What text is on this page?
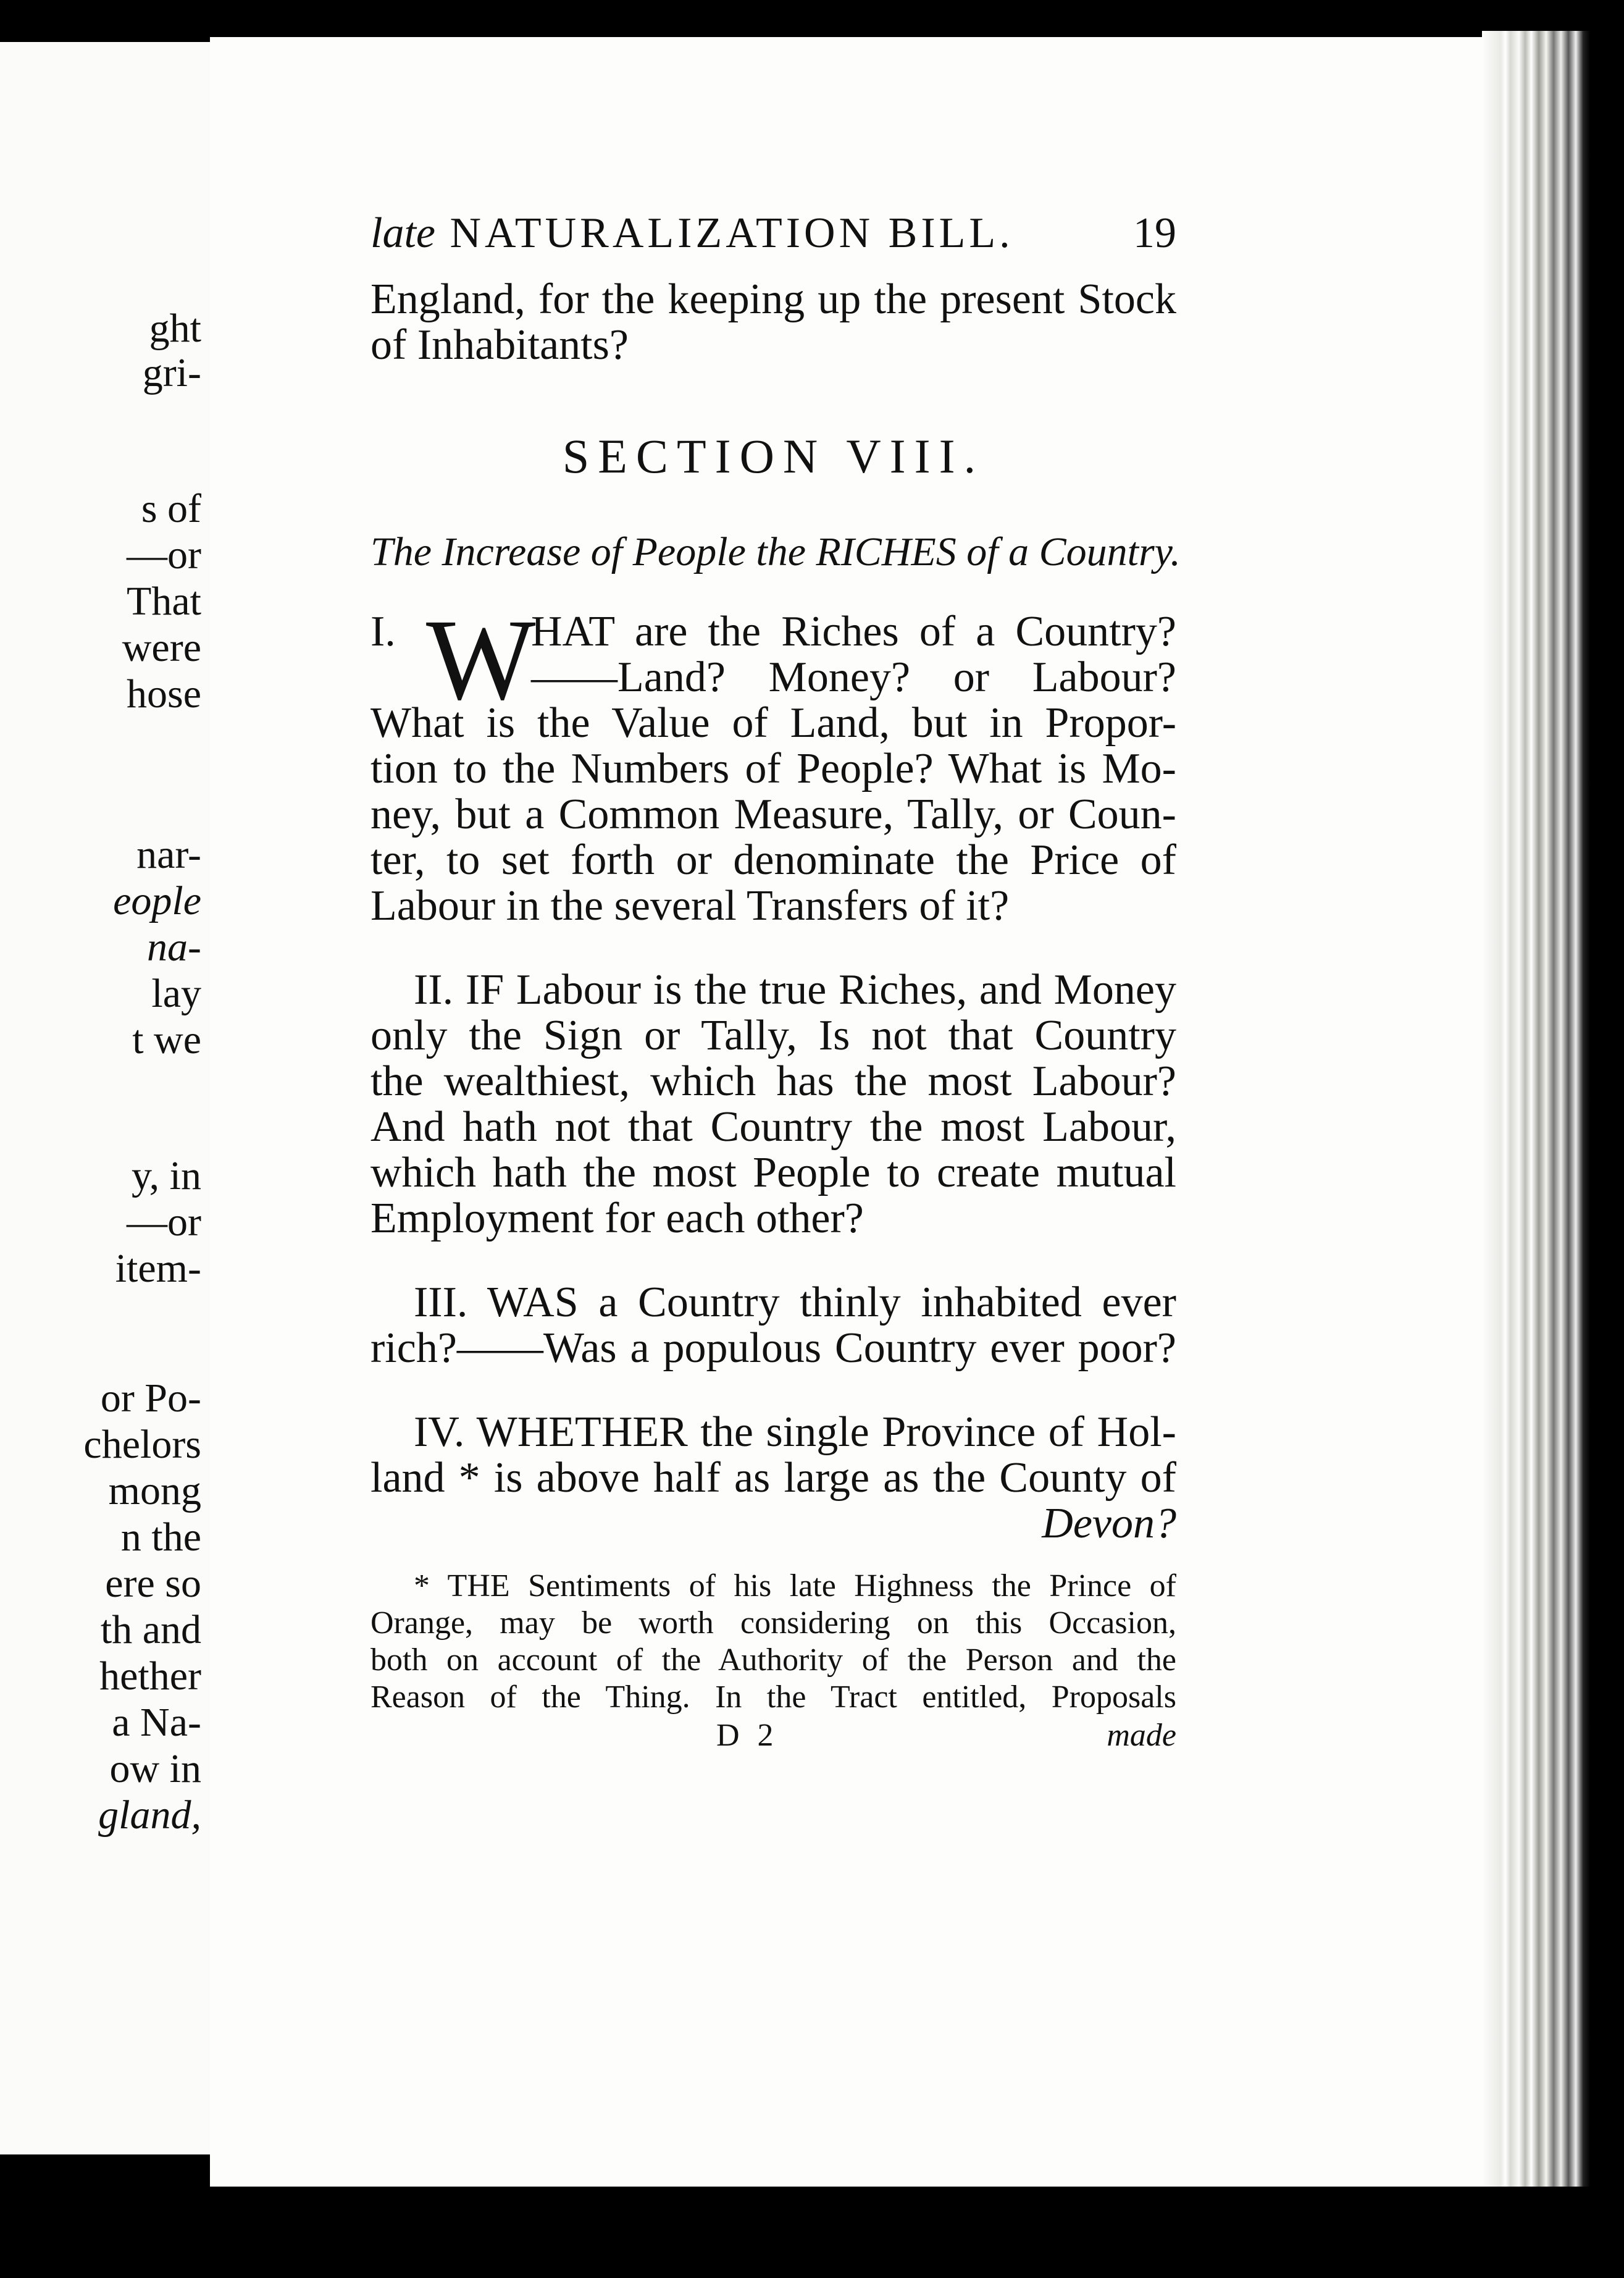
ght
gri-
s of
—or
That
were
hose
nar-
eople
na-
lay
t we
y, in
—or
item-
or Po-
chelors
mong
n the
ere so
th and
hether
a Na-
ow in
gland,
late NATURALIZATION BILL.	19

England, for the keeping up the present Stock

of Inhabitants?

SECTION VIII.
The Increase of People the RICHES of a Country.
I. W
HAT are the Riches of a Country?
——Land? Money? or Labour?
What is the Value of Land, but in Propor-
tion to the Numbers of People? What is Mo-
ney, but a Common Measure, Tally, or Coun-
ter, to set forth or denominate the Price of
Labour in the several Transfers of it?

II. IF Labour is the true Riches, and Money

only the Sign or Tally, Is not that Country

the wealthiest, which has the most Labour?

And hath not that Country the most Labour,

which hath the most People to create mutual

Employment for each other?

III. WAS a Country thinly inhabited ever

rich?——Was a populous Country ever poor?

IV. WHETHER the single Province of Hol-

land * is above half as large as the County of

Devon?

* THE Sentiments of his late Highness the Prince of

Orange, may be worth considering on this Occasion,

both on account of the Authority of the Person and the

Reason of the Thing. In the Tract entitled, Proposals

D 2	made
